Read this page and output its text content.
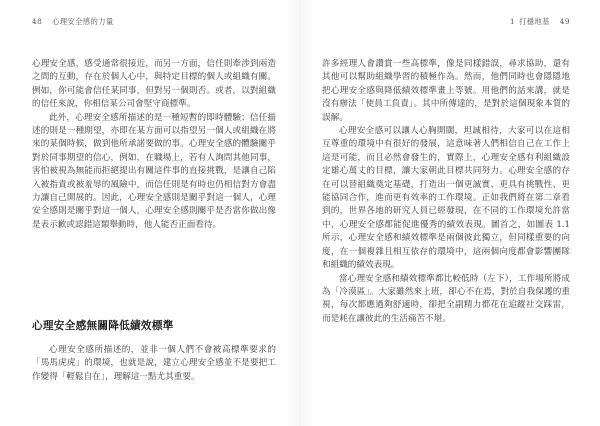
48 心理安全感的力量

心理安全感，感受通常很接近，而另一方面，信任則牽涉到兩造之間的互動，存在於個人心中，與特定目標的個人或組織有關。例如，你可能會信任某同事，但對另一個則否。或者，以對組織的信任來說，你相信某公司會堅守商標準。

此外，心理安全感所描述的是一種短暫的即時體驗；信任描述的則是一種期望，亦即在某方面可以指望另一個人或組織在將來的某個時候，做到他所承諾要做的事。心理安全感的體驗關乎對於同事期望的信心，例如，在職場上，若有人詢問其他同事，害怕被視為無能而拒絕提出有關這件事的直接挑戰，是讓自己陷入被指責或被羞辱的風險中，而信任則是有時也仍相信對方會盡力讓自己開展的。因此，心理安全感則是關乎對這一個人，心理安全感則是關乎對這一個人，心理安全感則關乎是否當你做出像是表示歉或認錯這類舉動時，他人能否正面看待。

心理安全感無關降低績效標準

心理安全感所描述的，並非一個人們不會被高標準要求的「馬馬虎虎」的環境，也就是說，建立心理安全感並不是要把工作變得「輕鬆自在」，理解這一點尤其重要。

1 打穩地基 49

許多經理人會讚賞一些高標準，像是同樣錯誤，尋求協助，還有其他可以幫助組織學習的積極作為。然而，他們同時也會隱隱地把心理安全感與降低績效標準畫上等號。用他們的話來講，就是沒有辦法「使員工負責」。其中所傳達的，是對於這個現象本質的誤解。

心理安全感可以讓人心胸開闊，坦誠相待，大家可以在這相互尊重的環境中有很好的發展，這意味著人們相信自己在工作上這是可能，而且必然會發生的，實際上，心理安全感有利組織設定雄心萬丈的目標，讓大家朝此目標共同努力。心理安全感的存在可以替組織奠定基礎，打造出一個更誠實、更具有挑戰性、更能協同合作，進而更有效率的工作環境。正如我們將在第二章看到的，世界各地的研究人員已經發現，在不同的工作環境允許當中，心理安全感都能促進優秀的績效表現。圖首之，如圖表 1.1 所示，心理安全感和績效標準是兩個彼此獨立，但同樣重要的向度，在一個複雜且相互依存的環境中，這兩個向度都會影響團隊和組織的績效表現。

當心理安全感和績效標準都比較低時（左下），工作場所將成為「冷漠區」。大家雖然來上班，卻心不在焉，對於自我保護的重視，每次都應過夠舒適時，卻把全副精力都花在追蹤社交踩雷，而是耗在讓彼此的生活痛苦不堪。
